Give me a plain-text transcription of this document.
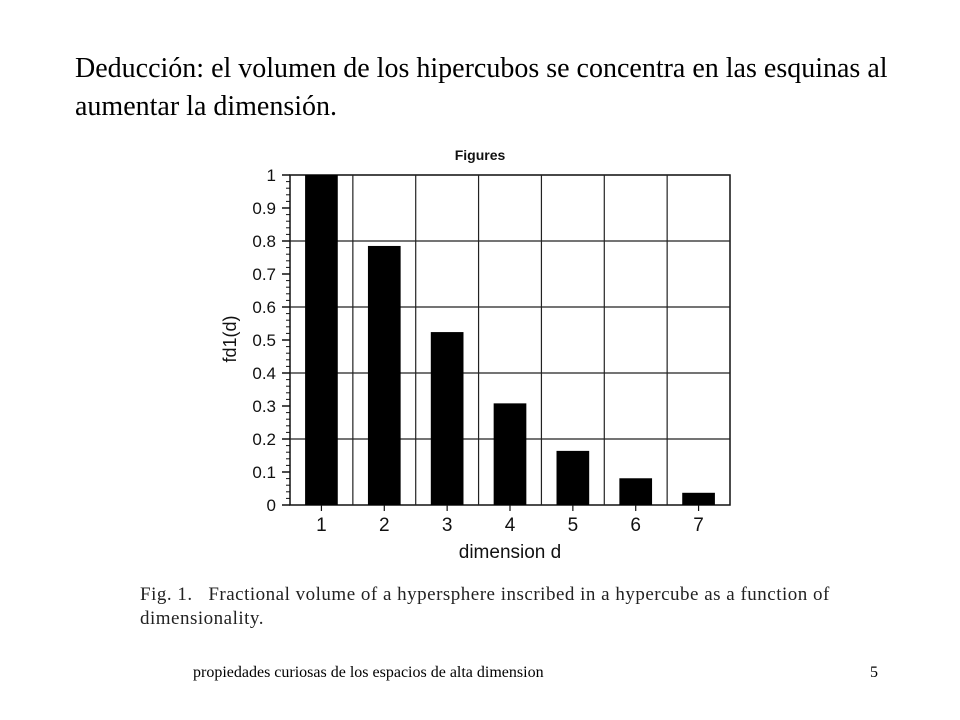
Deducción: el volumen de los hipercubos se concentra en las esquinas al aumentar la dimensión.
0
0.1
0.2
0.3
0.4
0.5
0.6
0.7
0.8
0.9
1
1	2	3	4	5	6	7
Figures
dimension d
fd1(d)
Fig. 1. Fractional volume of a hypersphere inscribed in a hypercube as a function of dimensionality.
propiedades curiosas de los espacios de alta dimension	5
